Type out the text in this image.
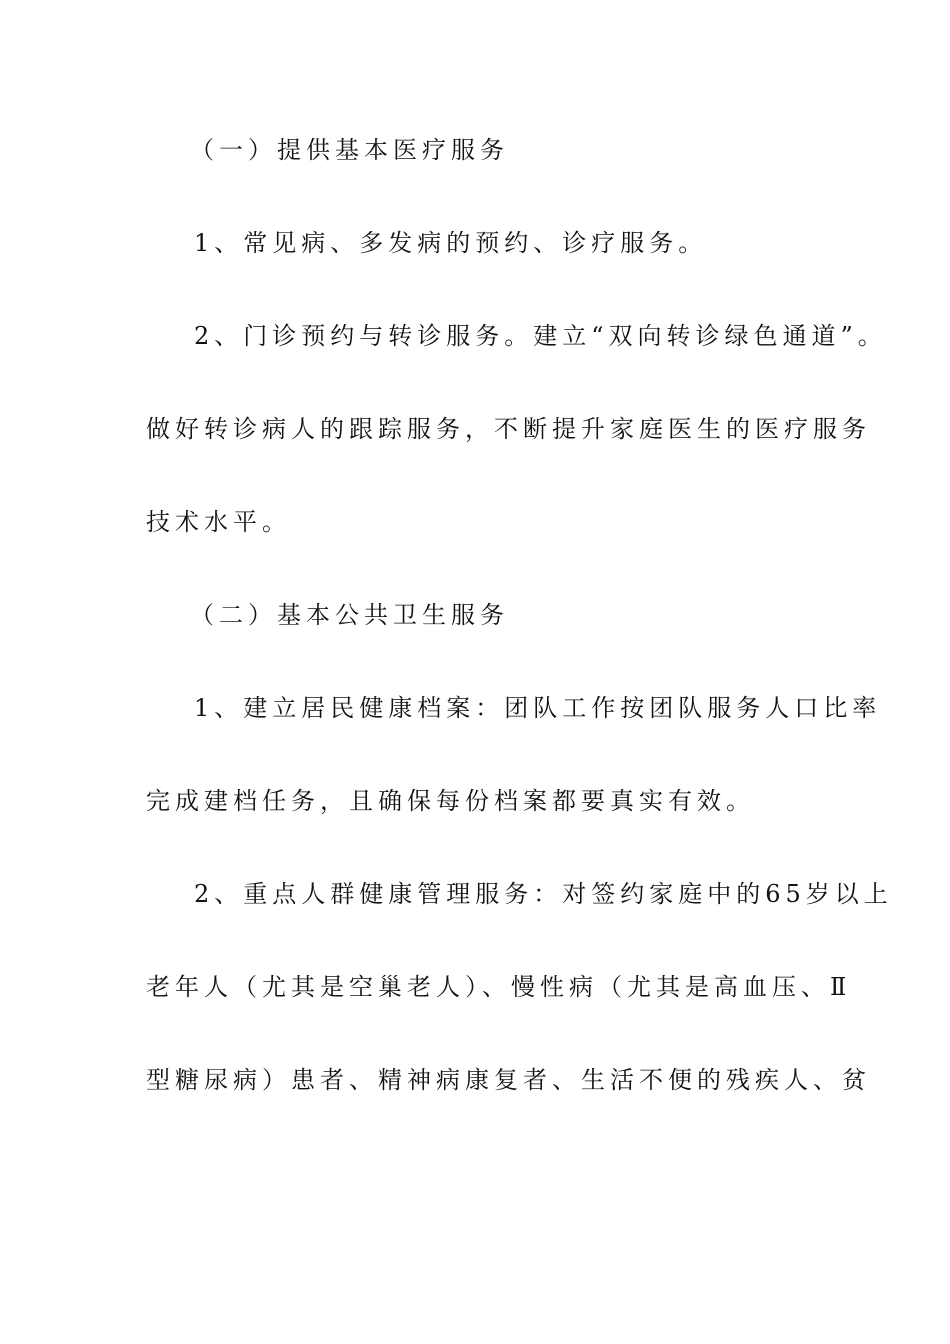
（一）提供基本医疗服务
1、常见病、多发病的预约、诊疗服务。
2、门诊预约与转诊服务。建立“双向转诊绿色通道”。
做好转诊病人的跟踪服务，不断提升家庭医生的医疗服务
技术水平。
（二）基本公共卫生服务
1、建立居民健康档案：团队工作按团队服务人口比率
完成建档任务，且确保每份档案都要真实有效。
2、重点人群健康管理服务：对签约家庭中的65岁以上
老年人（尤其是空巢老人）、慢性病（尤其是高血压、Ⅱ
型糖尿病）患者、精神病康复者、生活不便的残疾人、贫
